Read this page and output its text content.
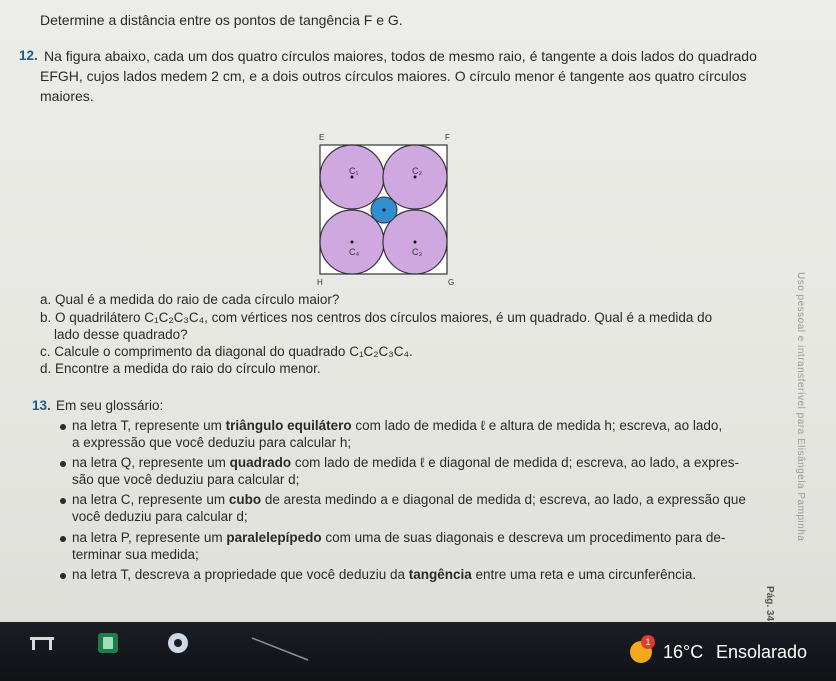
Determine a distância entre os pontos de tangência F e G.
12. Na figura abaixo, cada um dos quatro círculos maiores, todos de mesmo raio, é tangente a dois lados do quadrado
EFGH, cujos lados medem 2 cm, e a dois outros círculos maiores. O círculo menor é tangente aos quatro círculos
maiores.
E	F
H	G
C₁	C₂
C₄	C₃
a. Qual é a medida do raio de cada círculo maior?
b. O quadrilátero C₁C₂C₃C₄, com vértices nos centros dos círculos maiores, é um quadrado. Qual é a medida do
lado desse quadrado?
c. Calcule o comprimento da diagonal do quadrado C₁C₂C₃C₄.
d. Encontre a medida do raio do círculo menor.
13. Em seu glossário:
na letra T, represente um triângulo equilátero com lado de medida ℓ e altura de medida h; escreva, ao lado,
a expressão que você deduziu para calcular h;
na letra Q, represente um quadrado com lado de medida ℓ e diagonal de medida d; escreva, ao lado, a expres-
são que você deduziu para calcular d;
na letra C, represente um cubo de aresta medindo a e diagonal de medida d; escreva, ao lado, a expressão que
você deduziu para calcular d;
na letra P, represente um paralelepípedo com uma de suas diagonais e descreva um procedimento para de-
terminar sua medida;
na letra T, descreva a propriedade que você deduziu da tangência entre uma reta e uma circunferência.
Uso pessoal e intransferível para Elisângela Pampinha
Pág. 34
1 16°C Ensolarado
